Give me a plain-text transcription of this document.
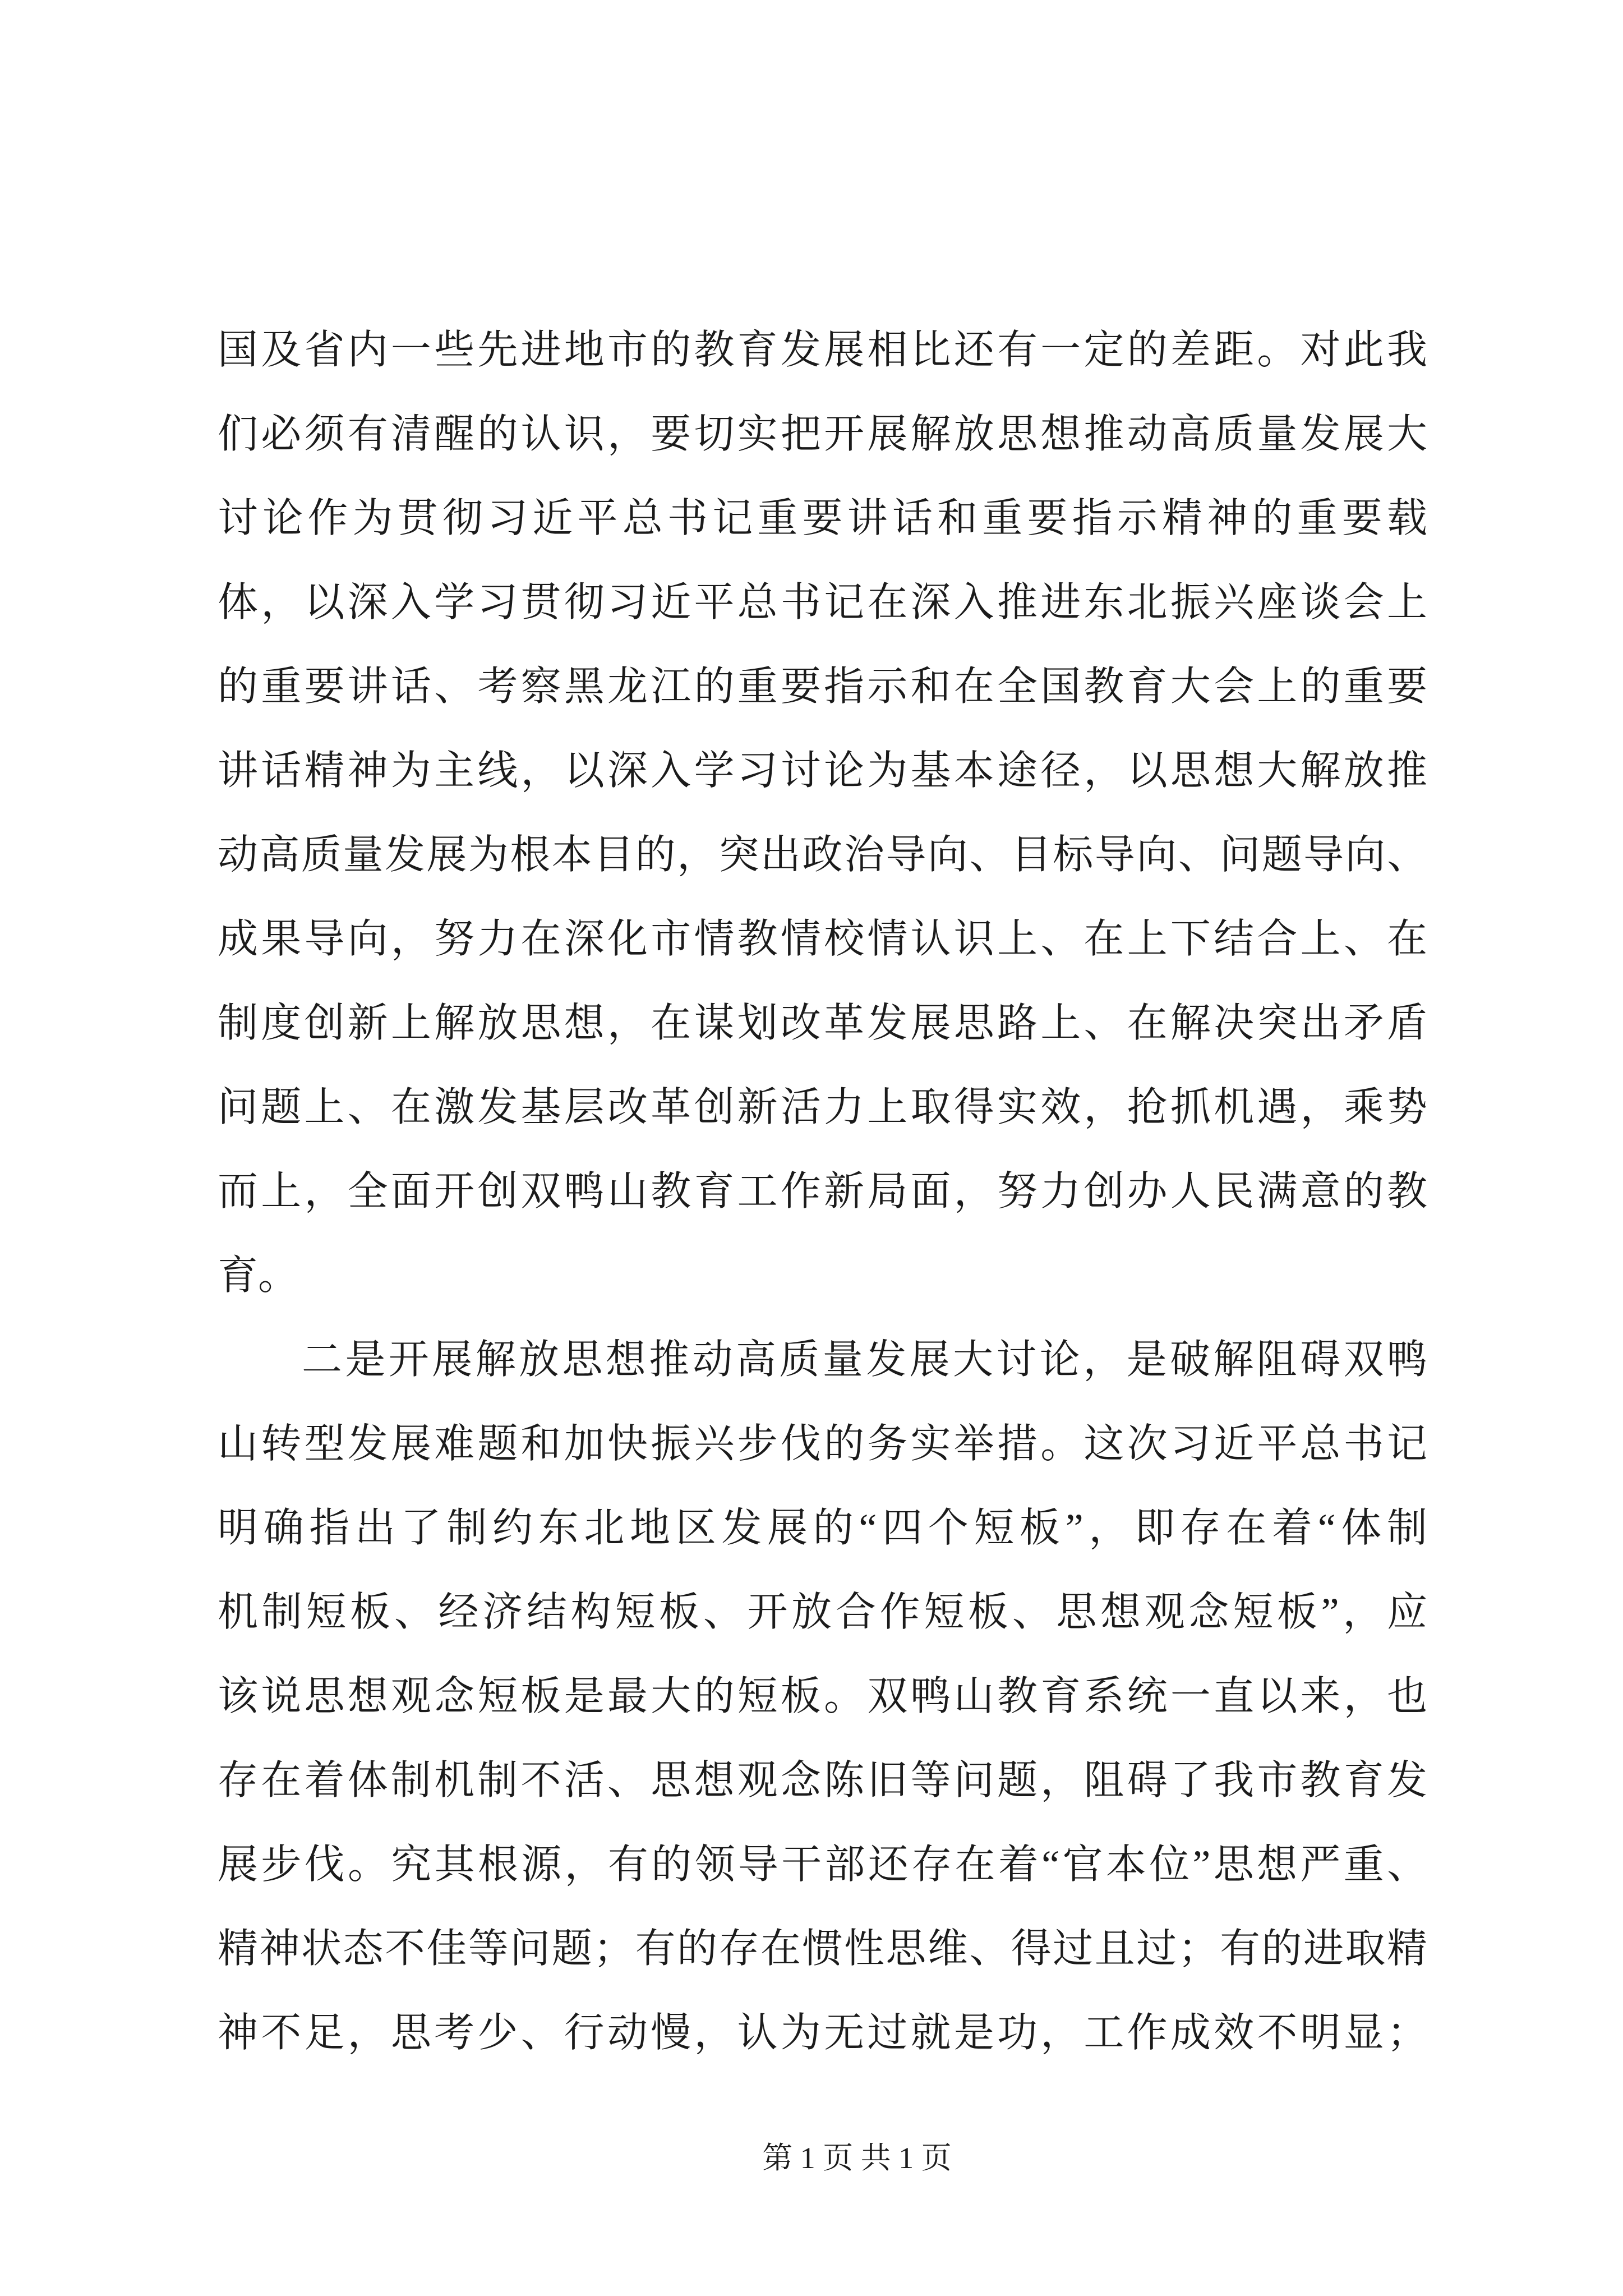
国及省内一些先进地市的教育发展相比还有一定的差距。对此我
们必须有清醒的认识，要切实把开展解放思想推动高质量发展大
讨论作为贯彻习近平总书记重要讲话和重要指示精神的重要载
体，以深入学习贯彻习近平总书记在深入推进东北振兴座谈会上
的重要讲话、考察黑龙江的重要指示和在全国教育大会上的重要
讲话精神为主线，以深入学习讨论为基本途径，以思想大解放推
动高质量发展为根本目的，突出政治导向、目标导向、问题导向、
成果导向，努力在深化市情教情校情认识上、在上下结合上、在
制度创新上解放思想，在谋划改革发展思路上、在解决突出矛盾
问题上、在激发基层改革创新活力上取得实效，抢抓机遇，乘势
而上，全面开创双鸭山教育工作新局面，努力创办人民满意的教
育。
二是开展解放思想推动高质量发展大讨论，是破解阻碍双鸭
山转型发展难题和加快振兴步伐的务实举措。这次习近平总书记
明确指出了制约东北地区发展的“四个短板”，即存在着“体制
机制短板、经济结构短板、开放合作短板、思想观念短板”，应
该说思想观念短板是最大的短板。双鸭山教育系统一直以来，也
存在着体制机制不活、思想观念陈旧等问题，阻碍了我市教育发
展步伐。究其根源，有的领导干部还存在着“官本位”思想严重、
精神状态不佳等问题；有的存在惯性思维、得过且过；有的进取精
神不足，思考少、行动慢，认为无过就是功，工作成效不明显；
第 1 页 共 1 页
